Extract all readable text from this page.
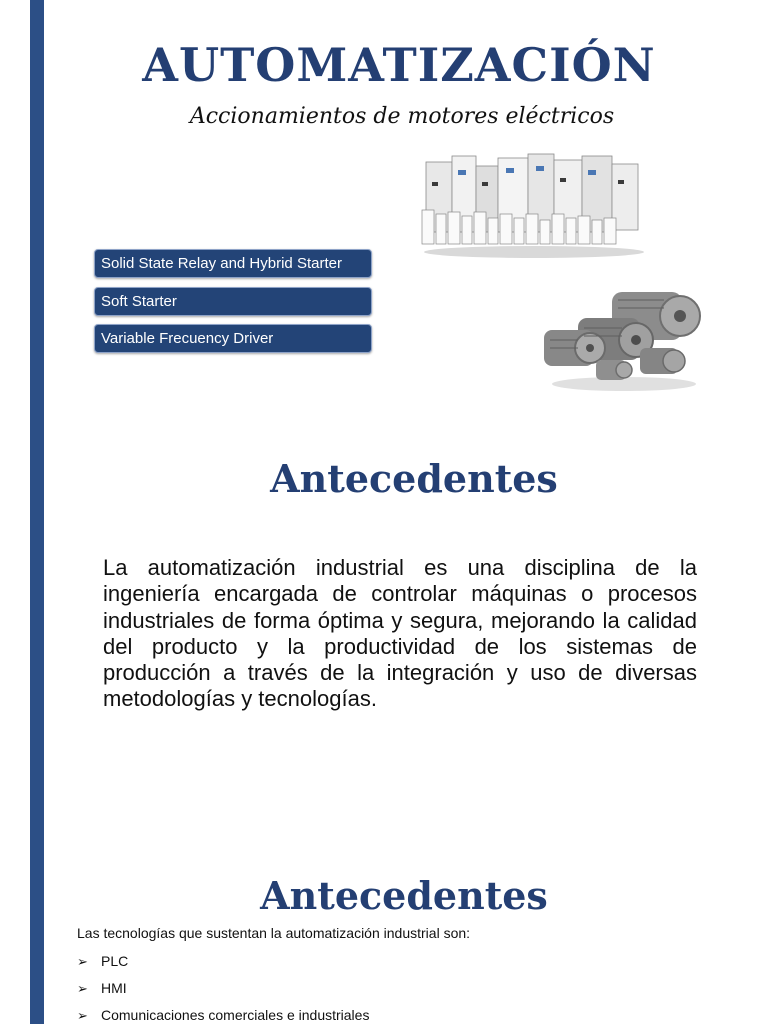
AUTOMATIZACIÓN
Accionamientos de motores eléctricos
Solid State Relay and Hybrid Starter
Soft Starter
Variable Frecuency Driver
Antecedentes

La automatización industrial es una disciplina de la ingeniería encargada de controlar máquinas o procesos industriales de forma óptima y segura, mejorando la calidad del producto y la productividad de los sistemas de producción a través de la integración y uso de diversas metodologías y tecnologías.

Antecedentes

Las tecnologías que sustentan la automatización industrial son:

➢ PLC
➢ HMI
➢ Comunicaciones comerciales e industriales
